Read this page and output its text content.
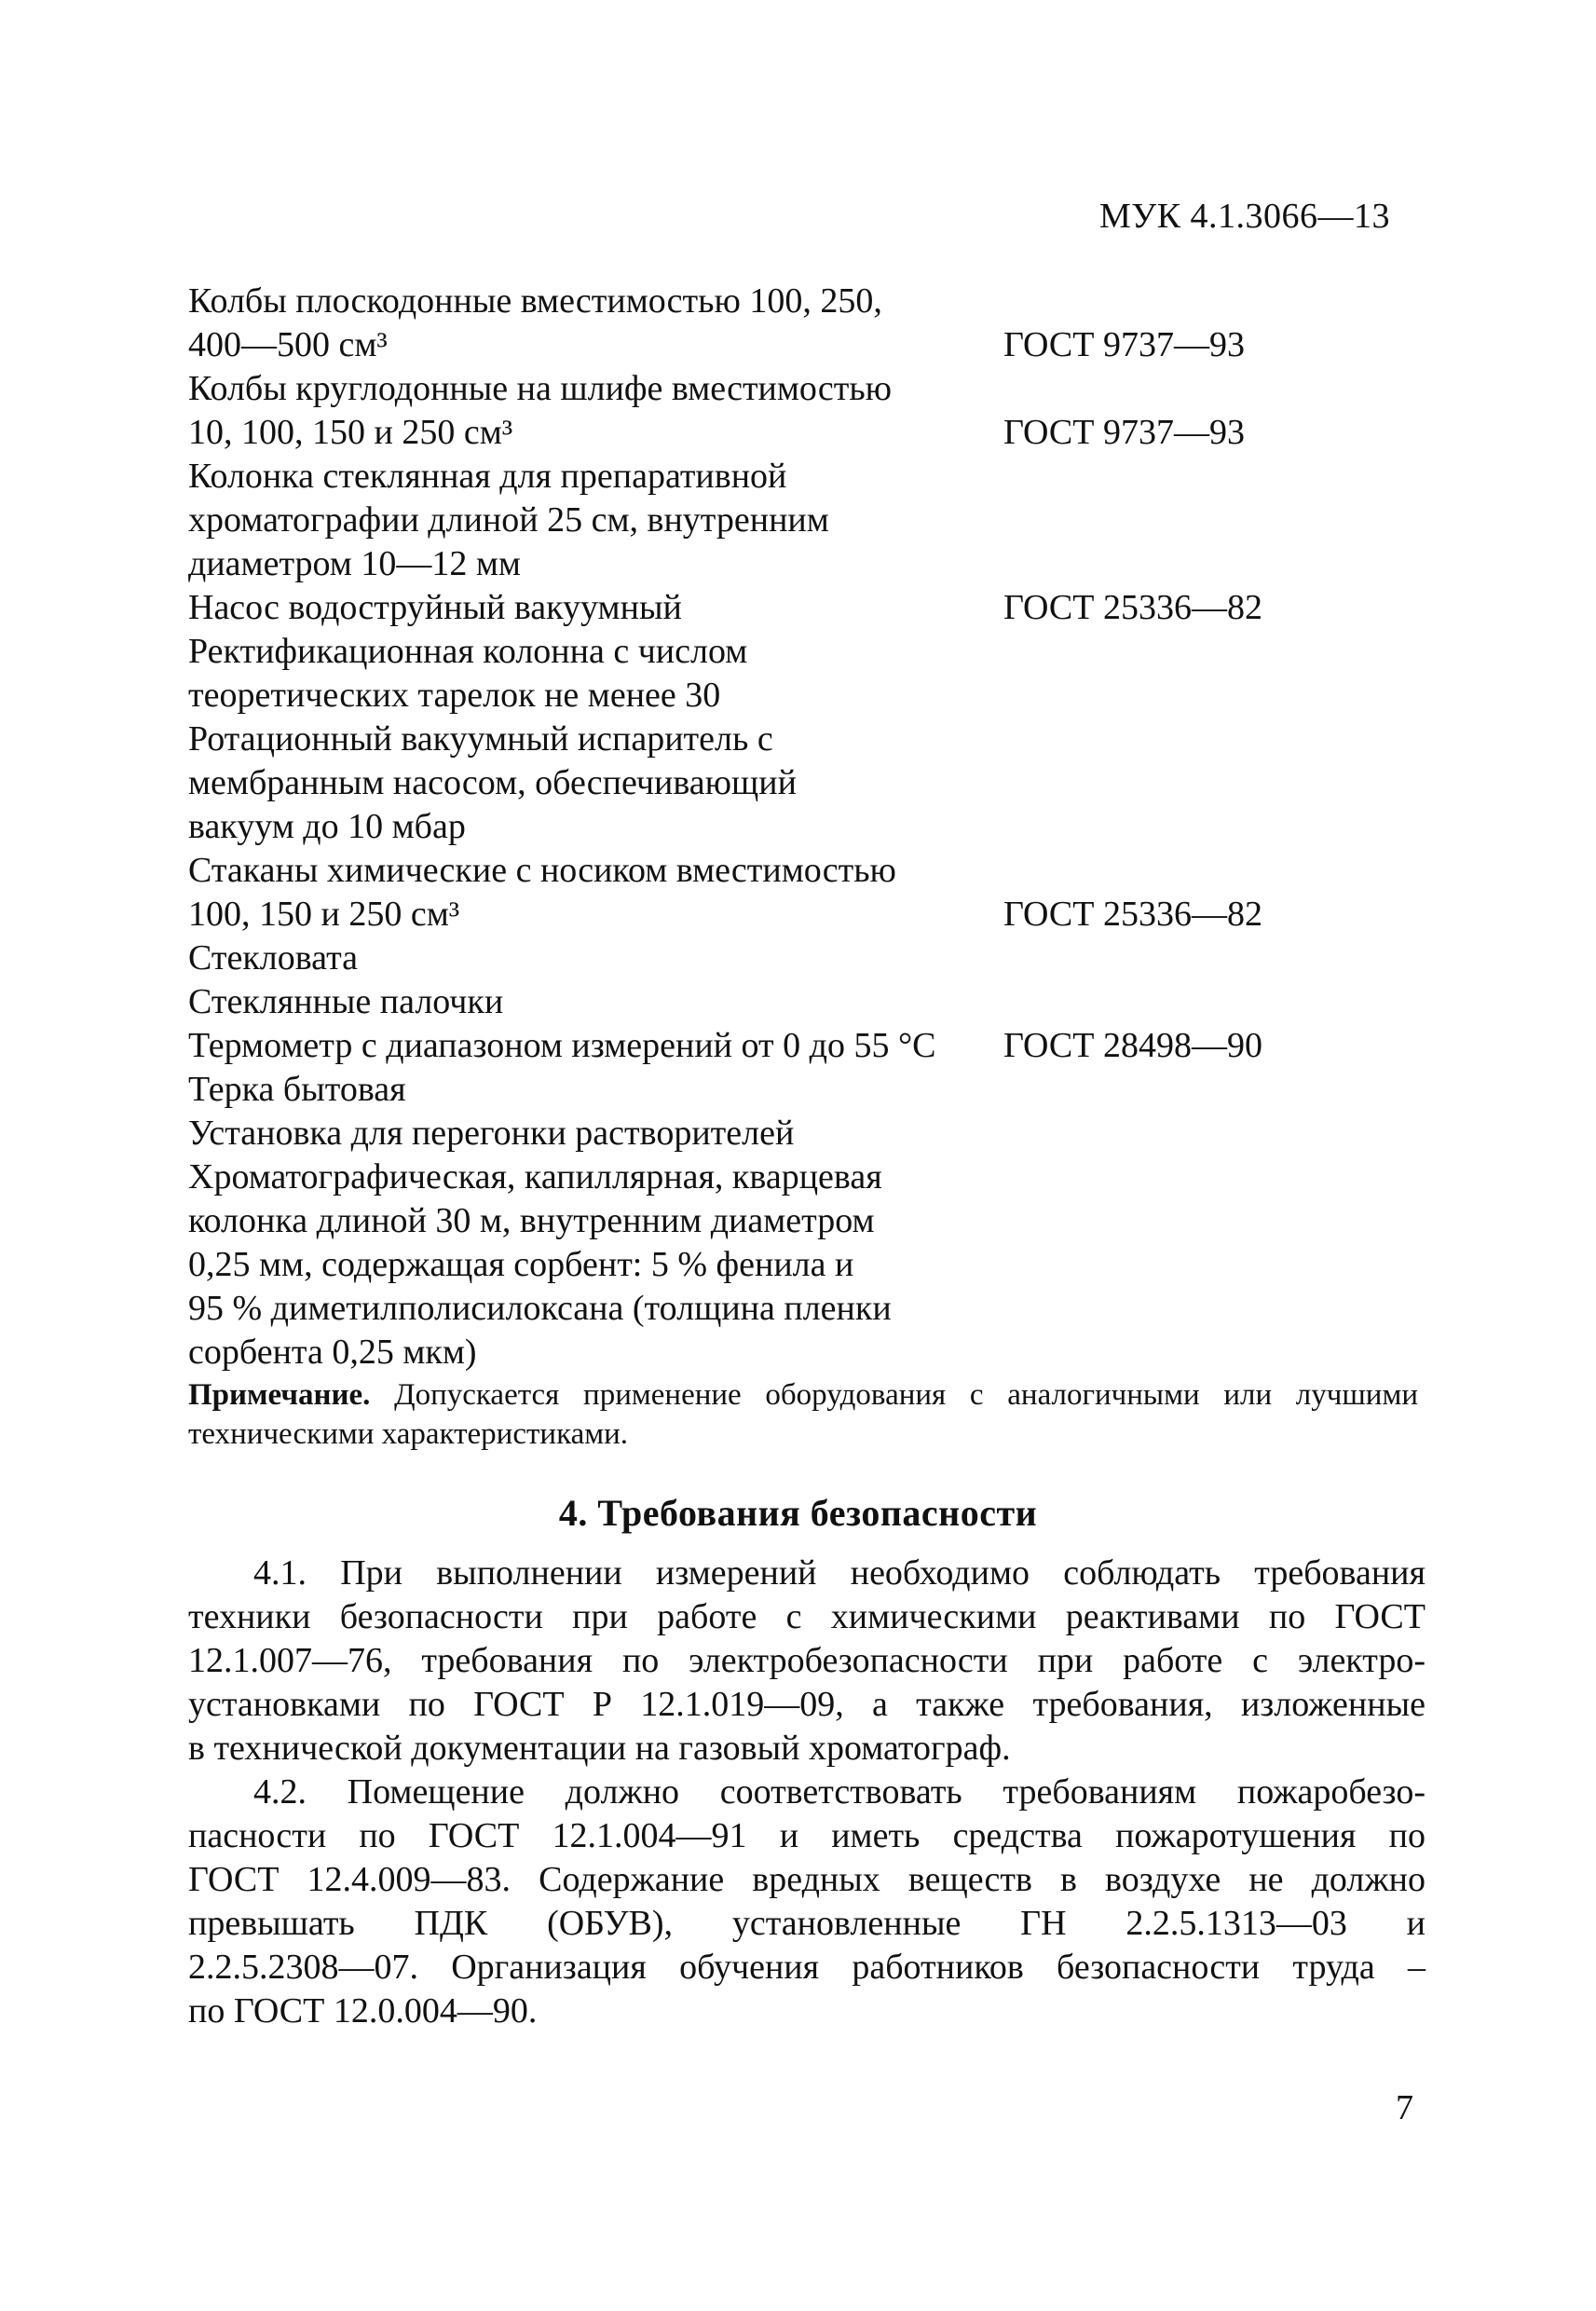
МУК 4.1.3066—13
Колбы плоскодонные вместимостью 100, 250,
400—500 см³	ГОСТ 9737—93
Колбы круглодонные на шлифе вместимостью
10, 100, 150 и 250 см³	ГОСТ 9737—93
Колонка стеклянная для препаративной
хроматографии длиной 25 см, внутренним
диаметром 10—12 мм
Насос водоструйный вакуумный	ГОСТ 25336—82
Ректификационная колонна с числом
теоретических тарелок не менее 30
Ротационный вакуумный испаритель с
мембранным насосом, обеспечивающий
вакуум до 10 мбар
Стаканы химические с носиком вместимостью
100, 150 и 250 см³	ГОСТ 25336—82
Стекловата
Стеклянные палочки
Термометр с диапазоном измерений от 0 до 55 °С	ГОСТ 28498—90
Терка бытовая
Установка для перегонки растворителей
Хроматографическая, капиллярная, кварцевая
колонка длиной 30 м, внутренним диаметром
0,25 мм, содержащая сорбент: 5 % фенила и
95 % диметилполисилоксана (толщина пленки
сорбента 0,25 мкм)
Примечание. Допускается применение оборудования с аналогичными или лучшими техническими характеристиками.
4. Требования безопасности
4.1. При выполнении измерений необходимо соблюдать требования
техники безопасности при работе с химическими реактивами по ГОСТ
12.1.007—76, требования по электробезопасности при работе с электро-
установками по ГОСТ Р 12.1.019—09, а также требования, изложенные
в технической документации на газовый хроматограф.
4.2. Помещение должно соответствовать требованиям пожаробезо-
пасности по ГОСТ 12.1.004—91 и иметь средства пожаротушения по
ГОСТ 12.4.009—83. Содержание вредных веществ в воздухе не должно
превышать ПДК (ОБУВ), установленные ГН 2.2.5.1313—03 и
2.2.5.2308—07. Организация обучения работников безопасности труда –
по ГОСТ 12.0.004—90.
7
